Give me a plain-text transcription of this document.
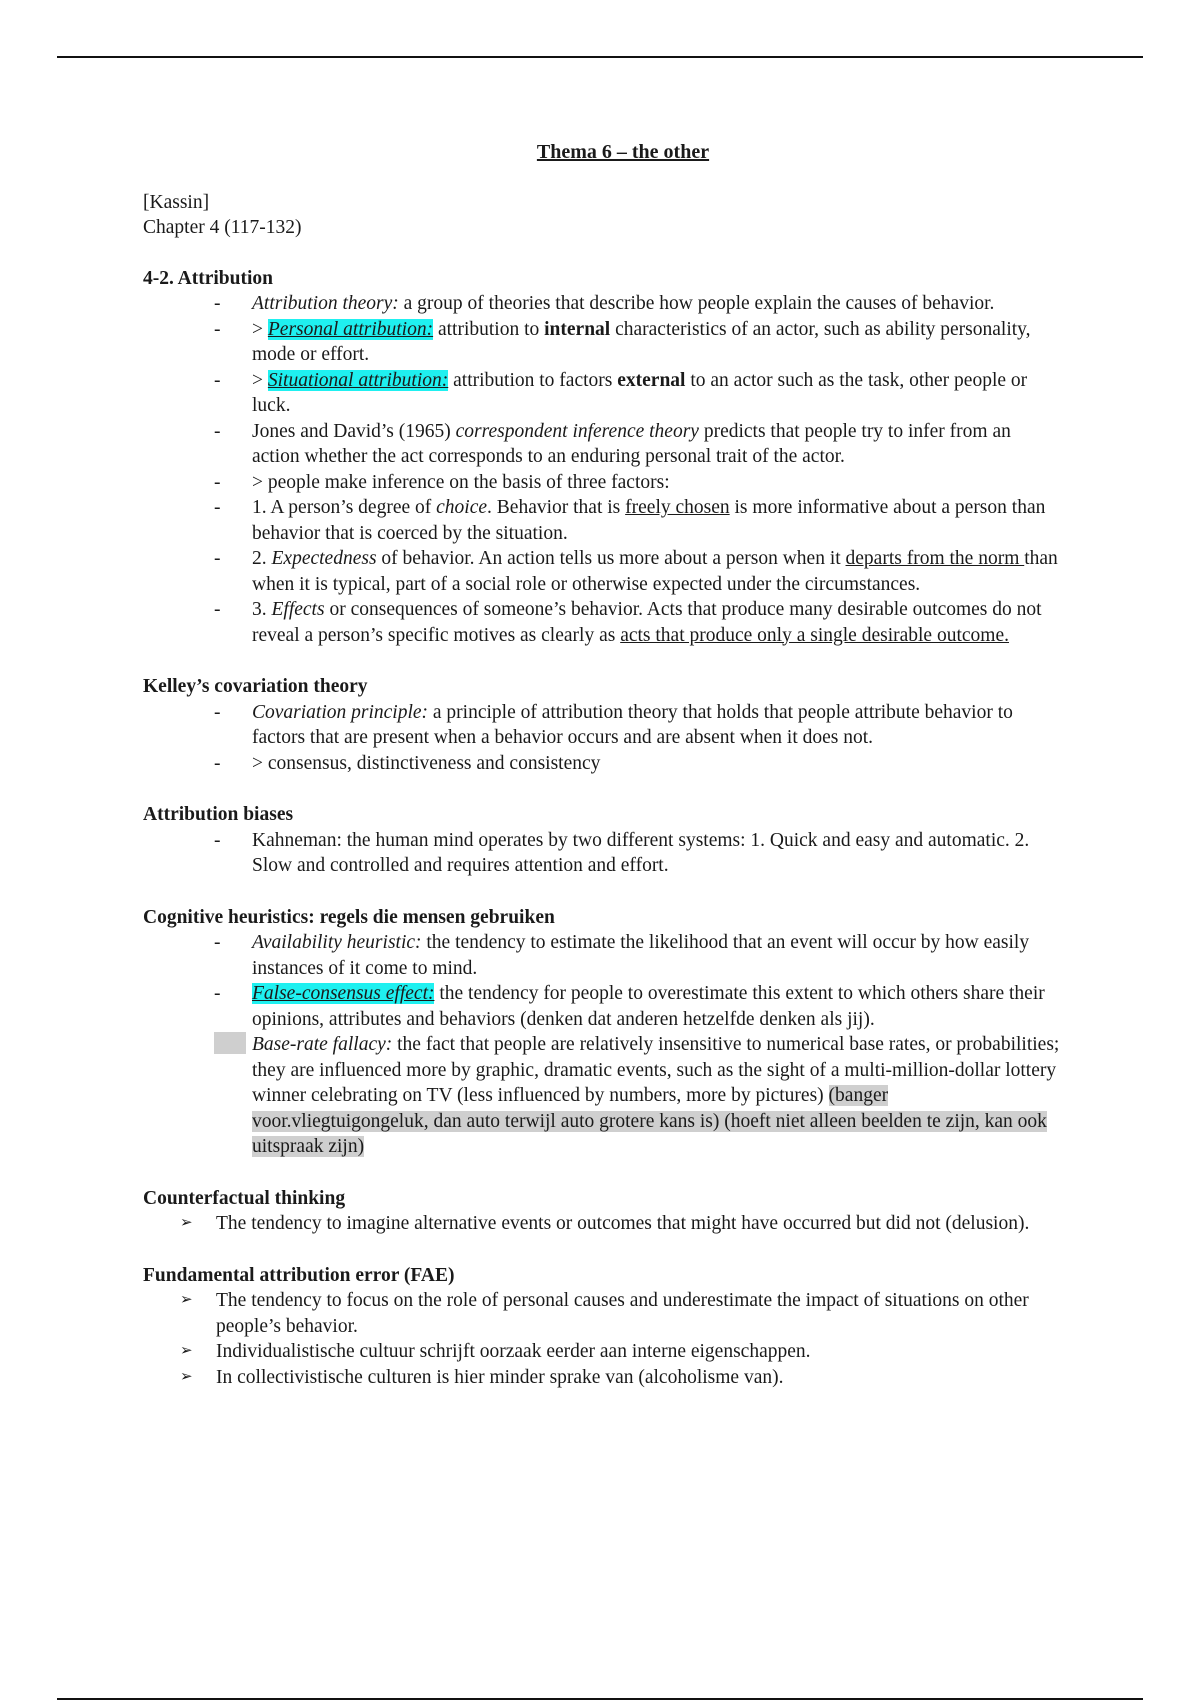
Thema 6 – the other

[Kassin]

Chapter 4 (117-132)

4-2. Attribution

- Attribution theory: a group of theories that describe how people explain the causes of behavior.
- > Personal attribution: attribution to internal characteristics of an actor, such as ability personality, mode or effort.
- > Situational attribution: attribution to factors external to an actor such as the task, other people or luck.
- Jones and David’s (1965) correspondent inference theory predicts that people try to infer from an action whether the act corresponds to an enduring personal trait of the actor.
- > people make inference on the basis of three factors:
- 1. A person’s degree of choice. Behavior that is freely chosen is more informative about a person than behavior that is coerced by the situation.
- 2. Expectedness of behavior. An action tells us more about a person when it departs from the norm than when it is typical, part of a social role or otherwise expected under the circumstances.
- 3. Effects or consequences of someone’s behavior. Acts that produce many desirable outcomes do not reveal a person’s specific motives as clearly as acts that produce only a single desirable outcome.

Kelley’s covariation theory

- Covariation principle: a principle of attribution theory that holds that people attribute behavior to factors that are present when a behavior occurs and are absent when it does not.
- > consensus, distinctiveness and consistency

Attribution biases

- Kahneman: the human mind operates by two different systems: 1. Quick and easy and automatic. 2. Slow and controlled and requires attention and effort.

Cognitive heuristics: regels die mensen gebruiken

- Availability heuristic: the tendency to estimate the likelihood that an event will occur by how easily instances of it come to mind.
- False-consensus effect: the tendency for people to overestimate this extent to which others share their opinions, attributes and behaviors (denken dat anderen hetzelfde denken als jij).
Base-rate fallacy: the fact that people are relatively insensitive to numerical base rates, or probabilities; they are influenced more by graphic, dramatic events, such as the sight of a multi-million-dollar lottery winner celebrating on TV (less influenced by numbers, more by pictures) (banger voor.vliegtuigongeluk, dan auto terwijl auto grotere kans is) (hoeft niet alleen beelden te zijn, kan ook uitspraak zijn)

Counterfactual thinking

➢ The tendency to imagine alternative events or outcomes that might have occurred but did not (delusion).

Fundamental attribution error (FAE)

➢ The tendency to focus on the role of personal causes and underestimate the impact of situations on other people’s behavior.
➢ Individualistische cultuur schrijft oorzaak eerder aan interne eigenschappen.
➢ In collectivistische culturen is hier minder sprake van (alcoholisme van).
